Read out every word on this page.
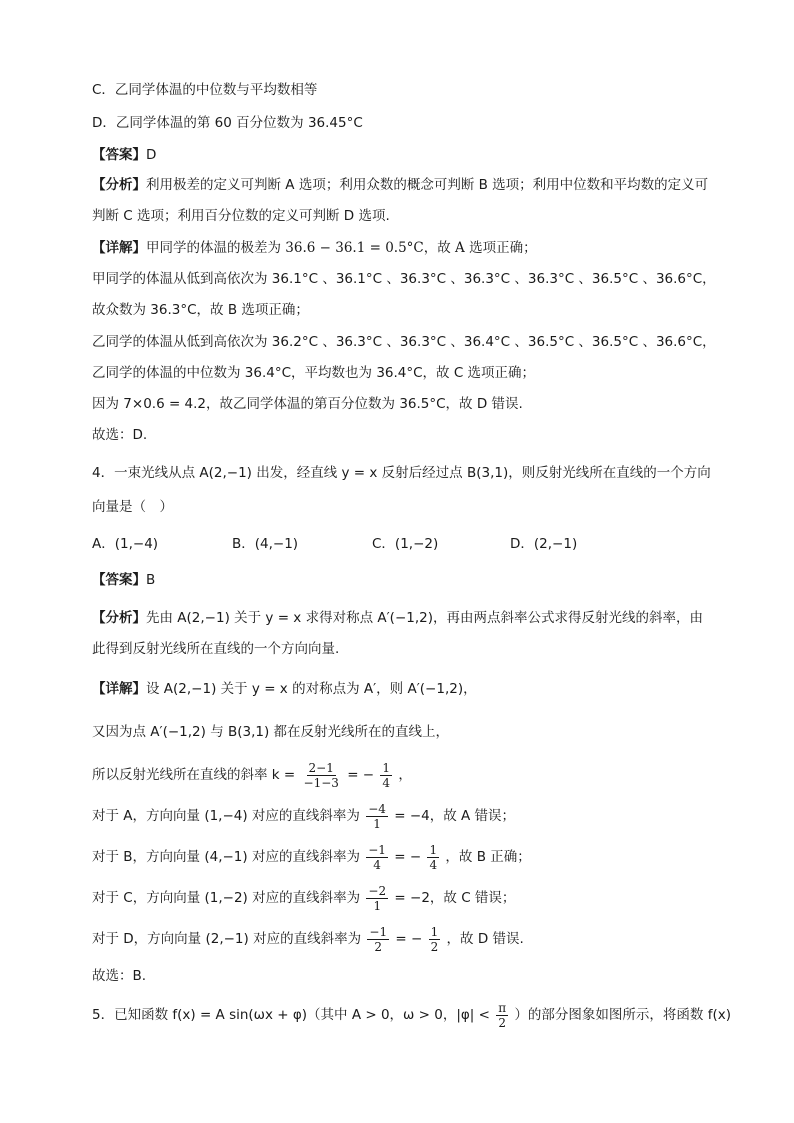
C．乙同学体温的中位数与平均数相等
D．乙同学体温的第 60 百分位数为 36.45°C
【答案】D
【分析】利用极差的定义可判断 A 选项；利用众数的概念可判断 B 选项；利用中位数和平均数的定义可判断 C 选项；利用百分位数的定义可判断 D 选项.
【详解】甲同学的体温的极差为 36.6 − 36.1 = 0.5°C，故 A 选项正确；
甲同学的体温从低到高依次为 36.1°C 、36.1°C 、36.3°C 、36.3°C 、36.3°C 、36.5°C 、36.6°C，
故众数为 36.3°C，故 B 选项正确；
乙同学的体温从低到高依次为 36.2°C 、36.3°C 、36.3°C 、36.4°C 、36.5°C 、36.5°C 、36.6°C，
乙同学的体温的中位数为 36.4°C，平均数也为 36.4°C，故 C 选项正确；
因为 7×0.6 = 4.2，故乙同学体温的第百分位数为 36.5°C，故 D 错误.
故选：D.
4．一束光线从点 A(2,−1) 出发，经直线 y = x 反射后经过点 B(3,1)，则反射光线所在直线的一个方向
向量是（　）
A．(1,−4)	B．(4,−1)	C．(1,−2)	D．(2,−1)
【答案】B
【分析】先由 A(2,−1) 关于 y = x 求得对称点 A′(−1,2)，再由两点斜率公式求得反射光线的斜率，由此得到反射光线所在直线的一个方向向量.
【详解】设 A(2,−1) 关于 y = x 的对称点为 A′，则 A′(−1,2)，
又因为点 A′(−1,2) 与 B(3,1) 都在反射光线所在的直线上，
所以反射光线所在直线的斜率 $k = \frac{2-1}{-1-3}$ = − $\frac{1}{4}$ ，
对于 A，方向向量 (1,−4) 对应的直线斜率为 $\frac{-4}{1} = -4$，故 A 错误；
对于 B，方向向量 (4,−1) 对应的直线斜率为 $\frac{-1}{4}$ = − $\frac{1}{4}$ ，故 B 正确；
对于 C，方向向量 (1,−2) 对应的直线斜率为 $\frac{-2}{1} = -2$，故 C 错误；
对于 D，方向向量 (2,−1) 对应的直线斜率为 $\frac{-1}{2}$ = − $\frac{1}{2}$ ，故 D 错误.
故选：B.
5．已知函数 f(x) = A sin(ωx + φ)（其中 A > 0，ω > 0，$|\varphi| < \frac{\pi}{2}$ ）的部分图象如图所示，将函数 f(x)
